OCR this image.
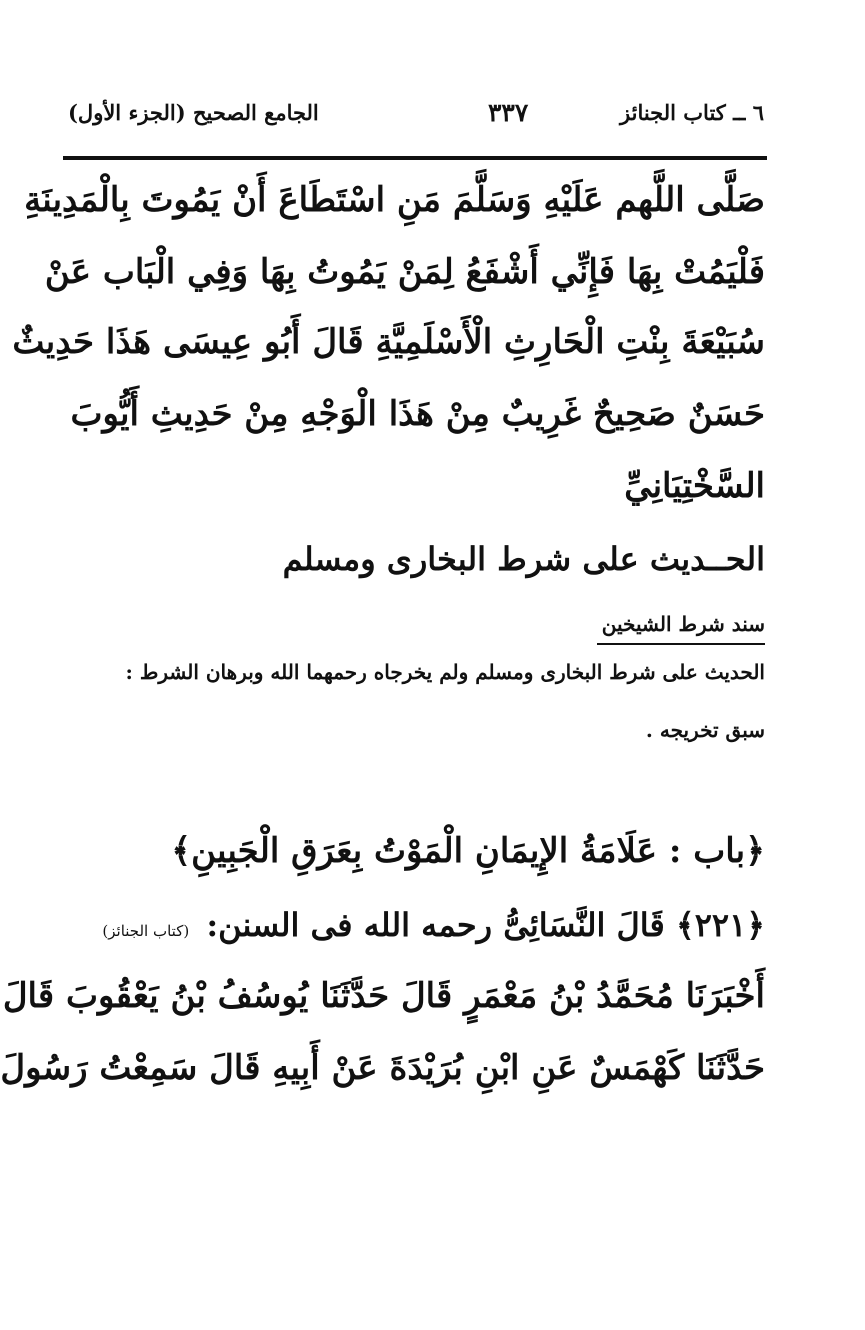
٦ ــ كتاب الجنائز
٣٣٧
الجامع الصحيح (الجزء الأول)
صَلَّى اللَّهم عَلَيْهِ وَسَلَّمَ مَنِ اسْتَطَاعَ أَنْ يَمُوتَ بِالْمَدِينَةِ
فَلْيَمُتْ بِهَا فَإِنِّي أَشْفَعُ لِمَنْ يَمُوتُ بِهَا وَفِي الْبَاب عَنْ
سُبَيْعَةَ بِنْتِ الْحَارِثِ الْأَسْلَمِيَّةِ قَالَ أَبُو عِيسَى هَذَا حَدِيثٌ
حَسَنٌ صَحِيحٌ غَرِيبٌ مِنْ هَذَا الْوَجْهِ مِنْ حَدِيثِ أَيُّوبَ
السَّخْتِيَانِيِّ
الحــديث على شرط البخارى ومسلم
سند شرط الشيخين
الحديث على شرط البخارى ومسلم ولم يخرجاه رحمهما الله وبرهان الشرط :
سبق تخريجه .
﴿باب : عَلَامَةُ الإِيمَانِ الْمَوْتُ بِعَرَقِ الْجَبِينِ﴾
﴿٢٢١﴾ قَالَ النَّسَائِىُّ رحمه الله فى السنن: (كتاب الجنائز)
أَخْبَرَنَا مُحَمَّدُ بْنُ مَعْمَرٍ قَالَ حَدَّثَنَا يُوسُفُ بْنُ يَعْقُوبَ قَالَ
حَدَّثَنَا كَهْمَسٌ عَنِ ابْنِ بُرَيْدَةَ عَنْ أَبِيهِ قَالَ سَمِعْتُ رَسُولَ
